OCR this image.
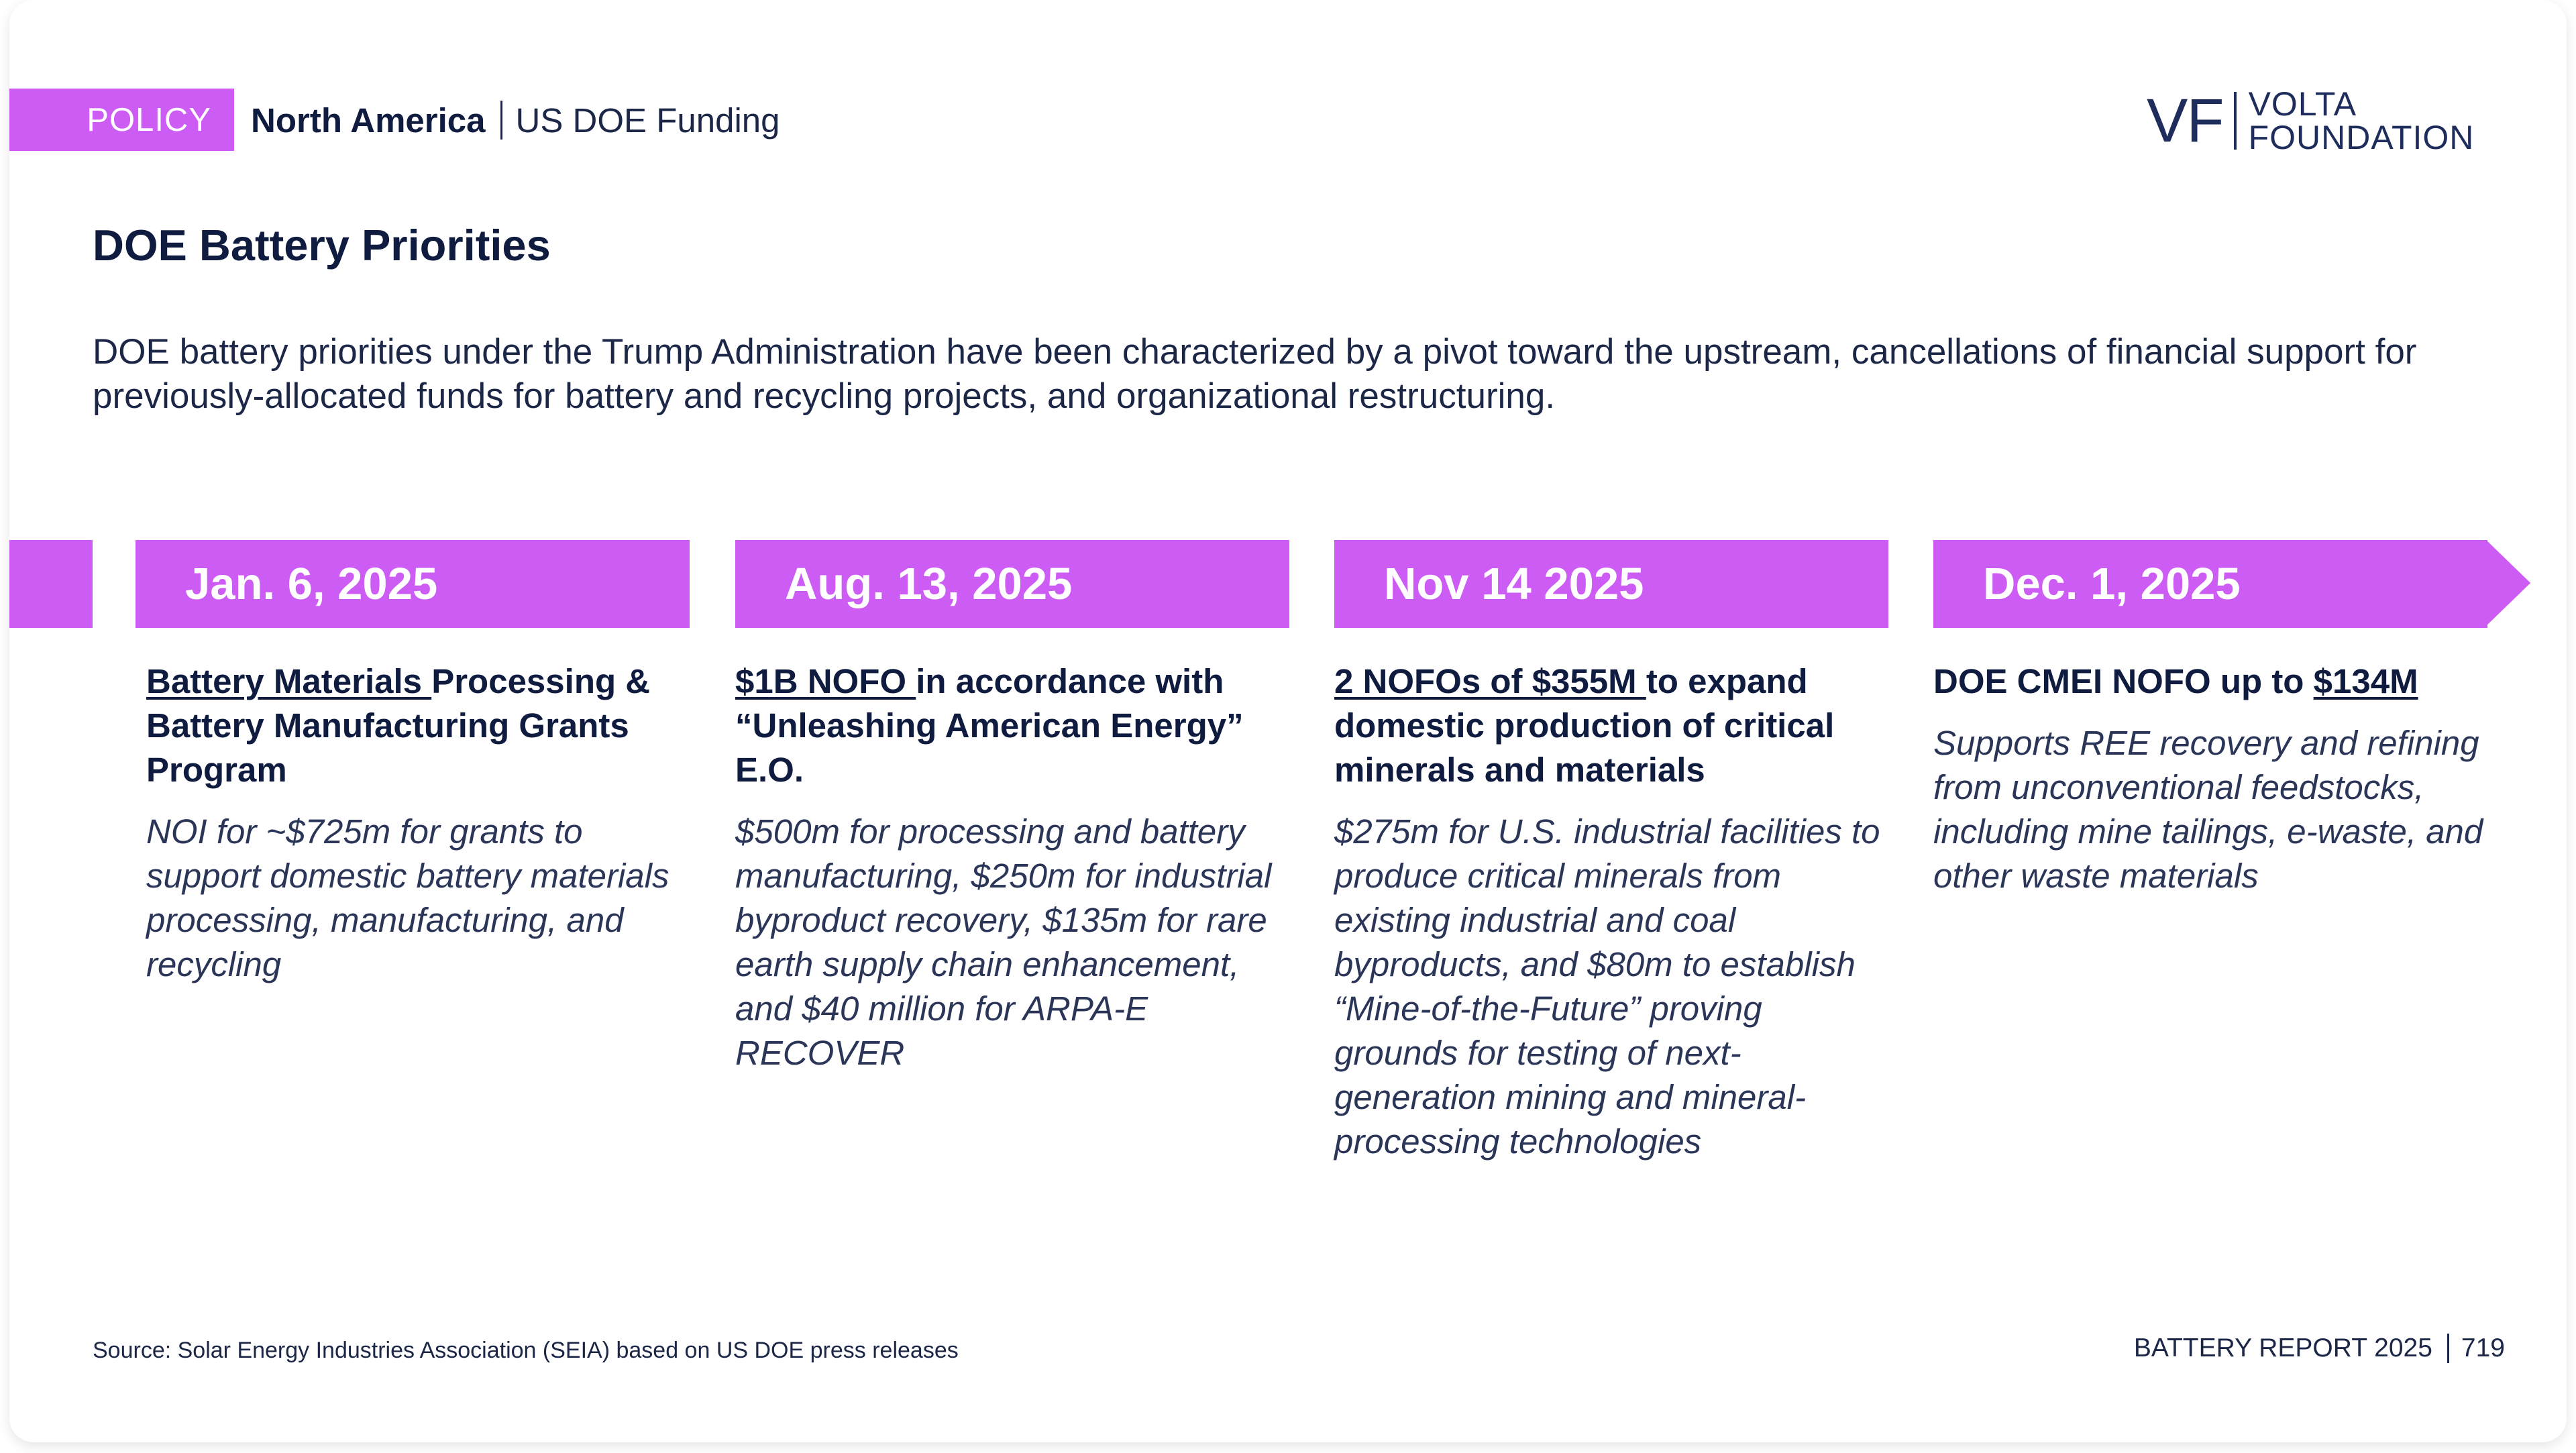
POLICY	North America US DOE Funding	VF VOLTA
FOUNDATION
DOE Battery Priorities
DOE battery priorities under the Trump Administration have been characterized by a pivot toward the upstream, cancellations of financial support for previously-allocated funds for battery and recycling projects, and organizational restructuring.
Jan. 6, 2025	Aug. 13, 2025	Nov 14 2025	Dec. 1, 2025
Battery Materials Processing & Battery Manufacturing Grants Program
NOI for ~$725m for grants to support domestic battery materials processing, manufacturing, and recycling
$1B NOFO in accordance with “Unleashing American Energy” E.O.
$500m for processing and battery manufacturing, $250m for industrial byproduct recovery, $135m for rare earth supply chain enhancement, and $40 million for ARPA-E RECOVER
2 NOFOs of $355M to expand domestic production of critical minerals and materials
$275m for U.S. industrial facilities to produce critical minerals from existing industrial and coal byproducts, and $80m to establish “Mine-of-the-Future” proving grounds for testing of next-generation mining and mineral-processing technologies
DOE CMEI NOFO up to $134M
Supports REE recovery and refining from unconventional feedstocks, including mine tailings, e-waste, and other waste materials
Source: Solar Energy Industries Association (SEIA) based on US DOE press releases	BATTERY REPORT 2025 719
